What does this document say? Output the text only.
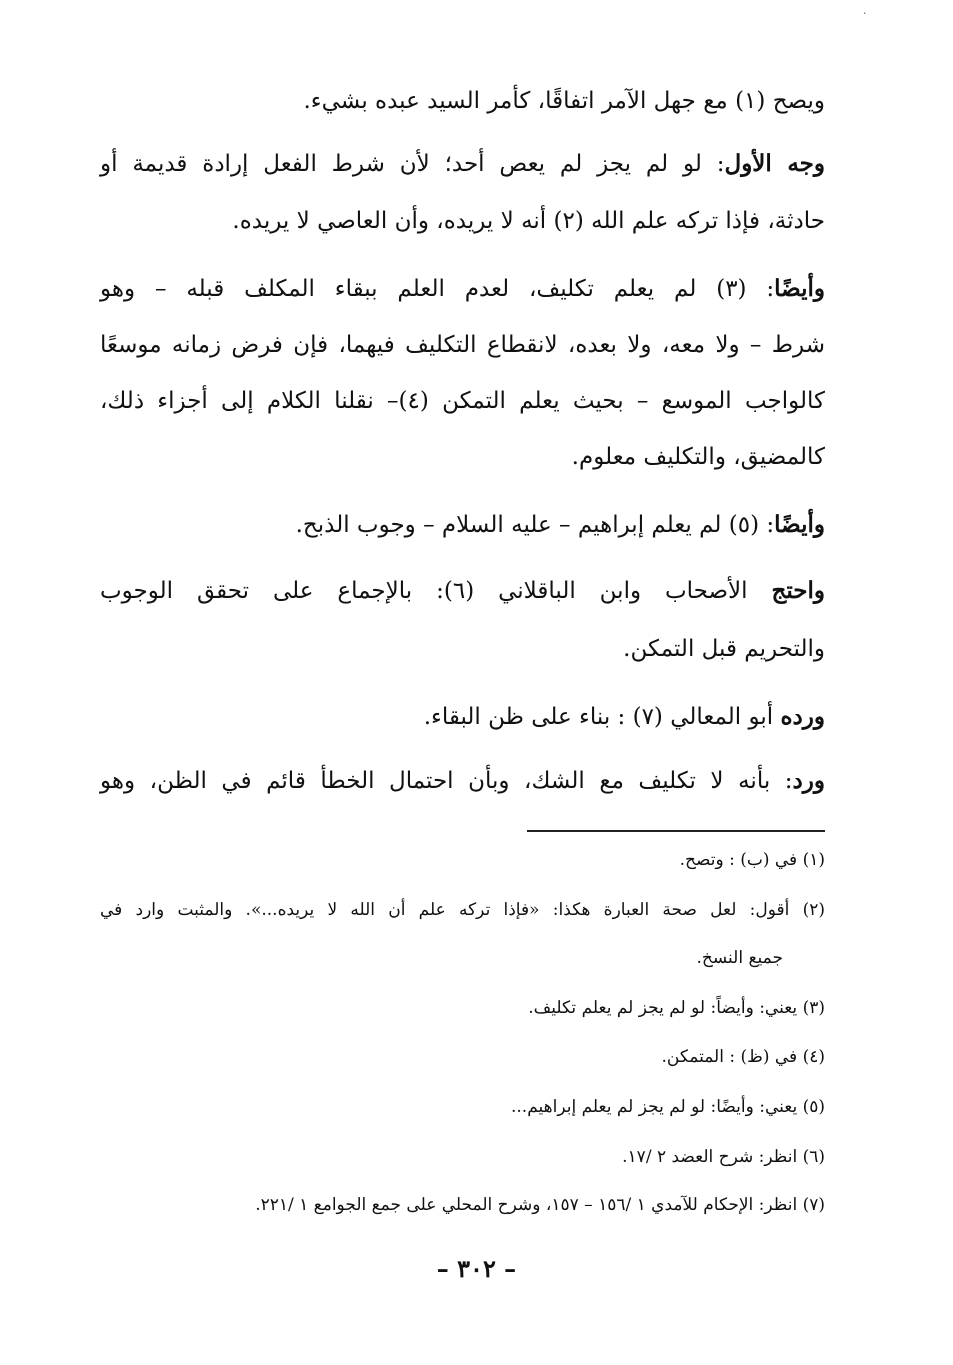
٠
ويصح (١) مع جهل الآمر اتفاقًا، كأمر السيد عبده بشيء.
وجه الأول: لو لم يجز لم يعص أحد؛ لأن شرط الفعل إرادة قديمة أو
حادثة، فإذا تركه علم الله (٢) أنه لا يريده، وأن العاصي لا يريده.
وأيضًا: (٣) لم يعلم تكليف، لعدم العلم ببقاء المكلف قبله – وهو
شرط – ولا معه، ولا بعده، لانقطاع التكليف فيهما، فإن فرض زمانه موسعًا
كالواجب الموسع – بحيث يعلم التمكن (٤)– نقلنا الكلام إلى أجزاء ذلك،
كالمضيق، والتكليف معلوم.
وأيضًا: (٥) لم يعلم إبراهيم – عليه السلام – وجوب الذبح.
واحتج الأصحاب وابن الباقلاني (٦): بالإجماع على تحقق الوجوب
والتحريم قبل التمكن.
ورده أبو المعالي (٧) : بناء على ظن البقاء.
ورد: بأنه لا تكليف مع الشك، وبأن احتمال الخطأ قائم في الظن، وهو
(١) في (ب) : وتصح.
(٢) أقول: لعل صحة العبارة هكذا: «فإذا تركه علم أن الله لا يريده...». والمثبت وارد في
جميع النسخ.
(٣) يعني: وأيضاً: لو لم يجز لم يعلم تكليف.
(٤) في (ظ) : المتمكن.
(٥) يعني: وأيضًا: لو لم يجز لم يعلم إبراهيم...
(٦) انظر: شرح العضد ٢ /١٧.
(٧) انظر: الإحكام للآمدي ١ /١٥٦ – ١٥٧، وشرح المحلي على جمع الجوامع ١ /٢٢١.
– ٣٠٢ –
